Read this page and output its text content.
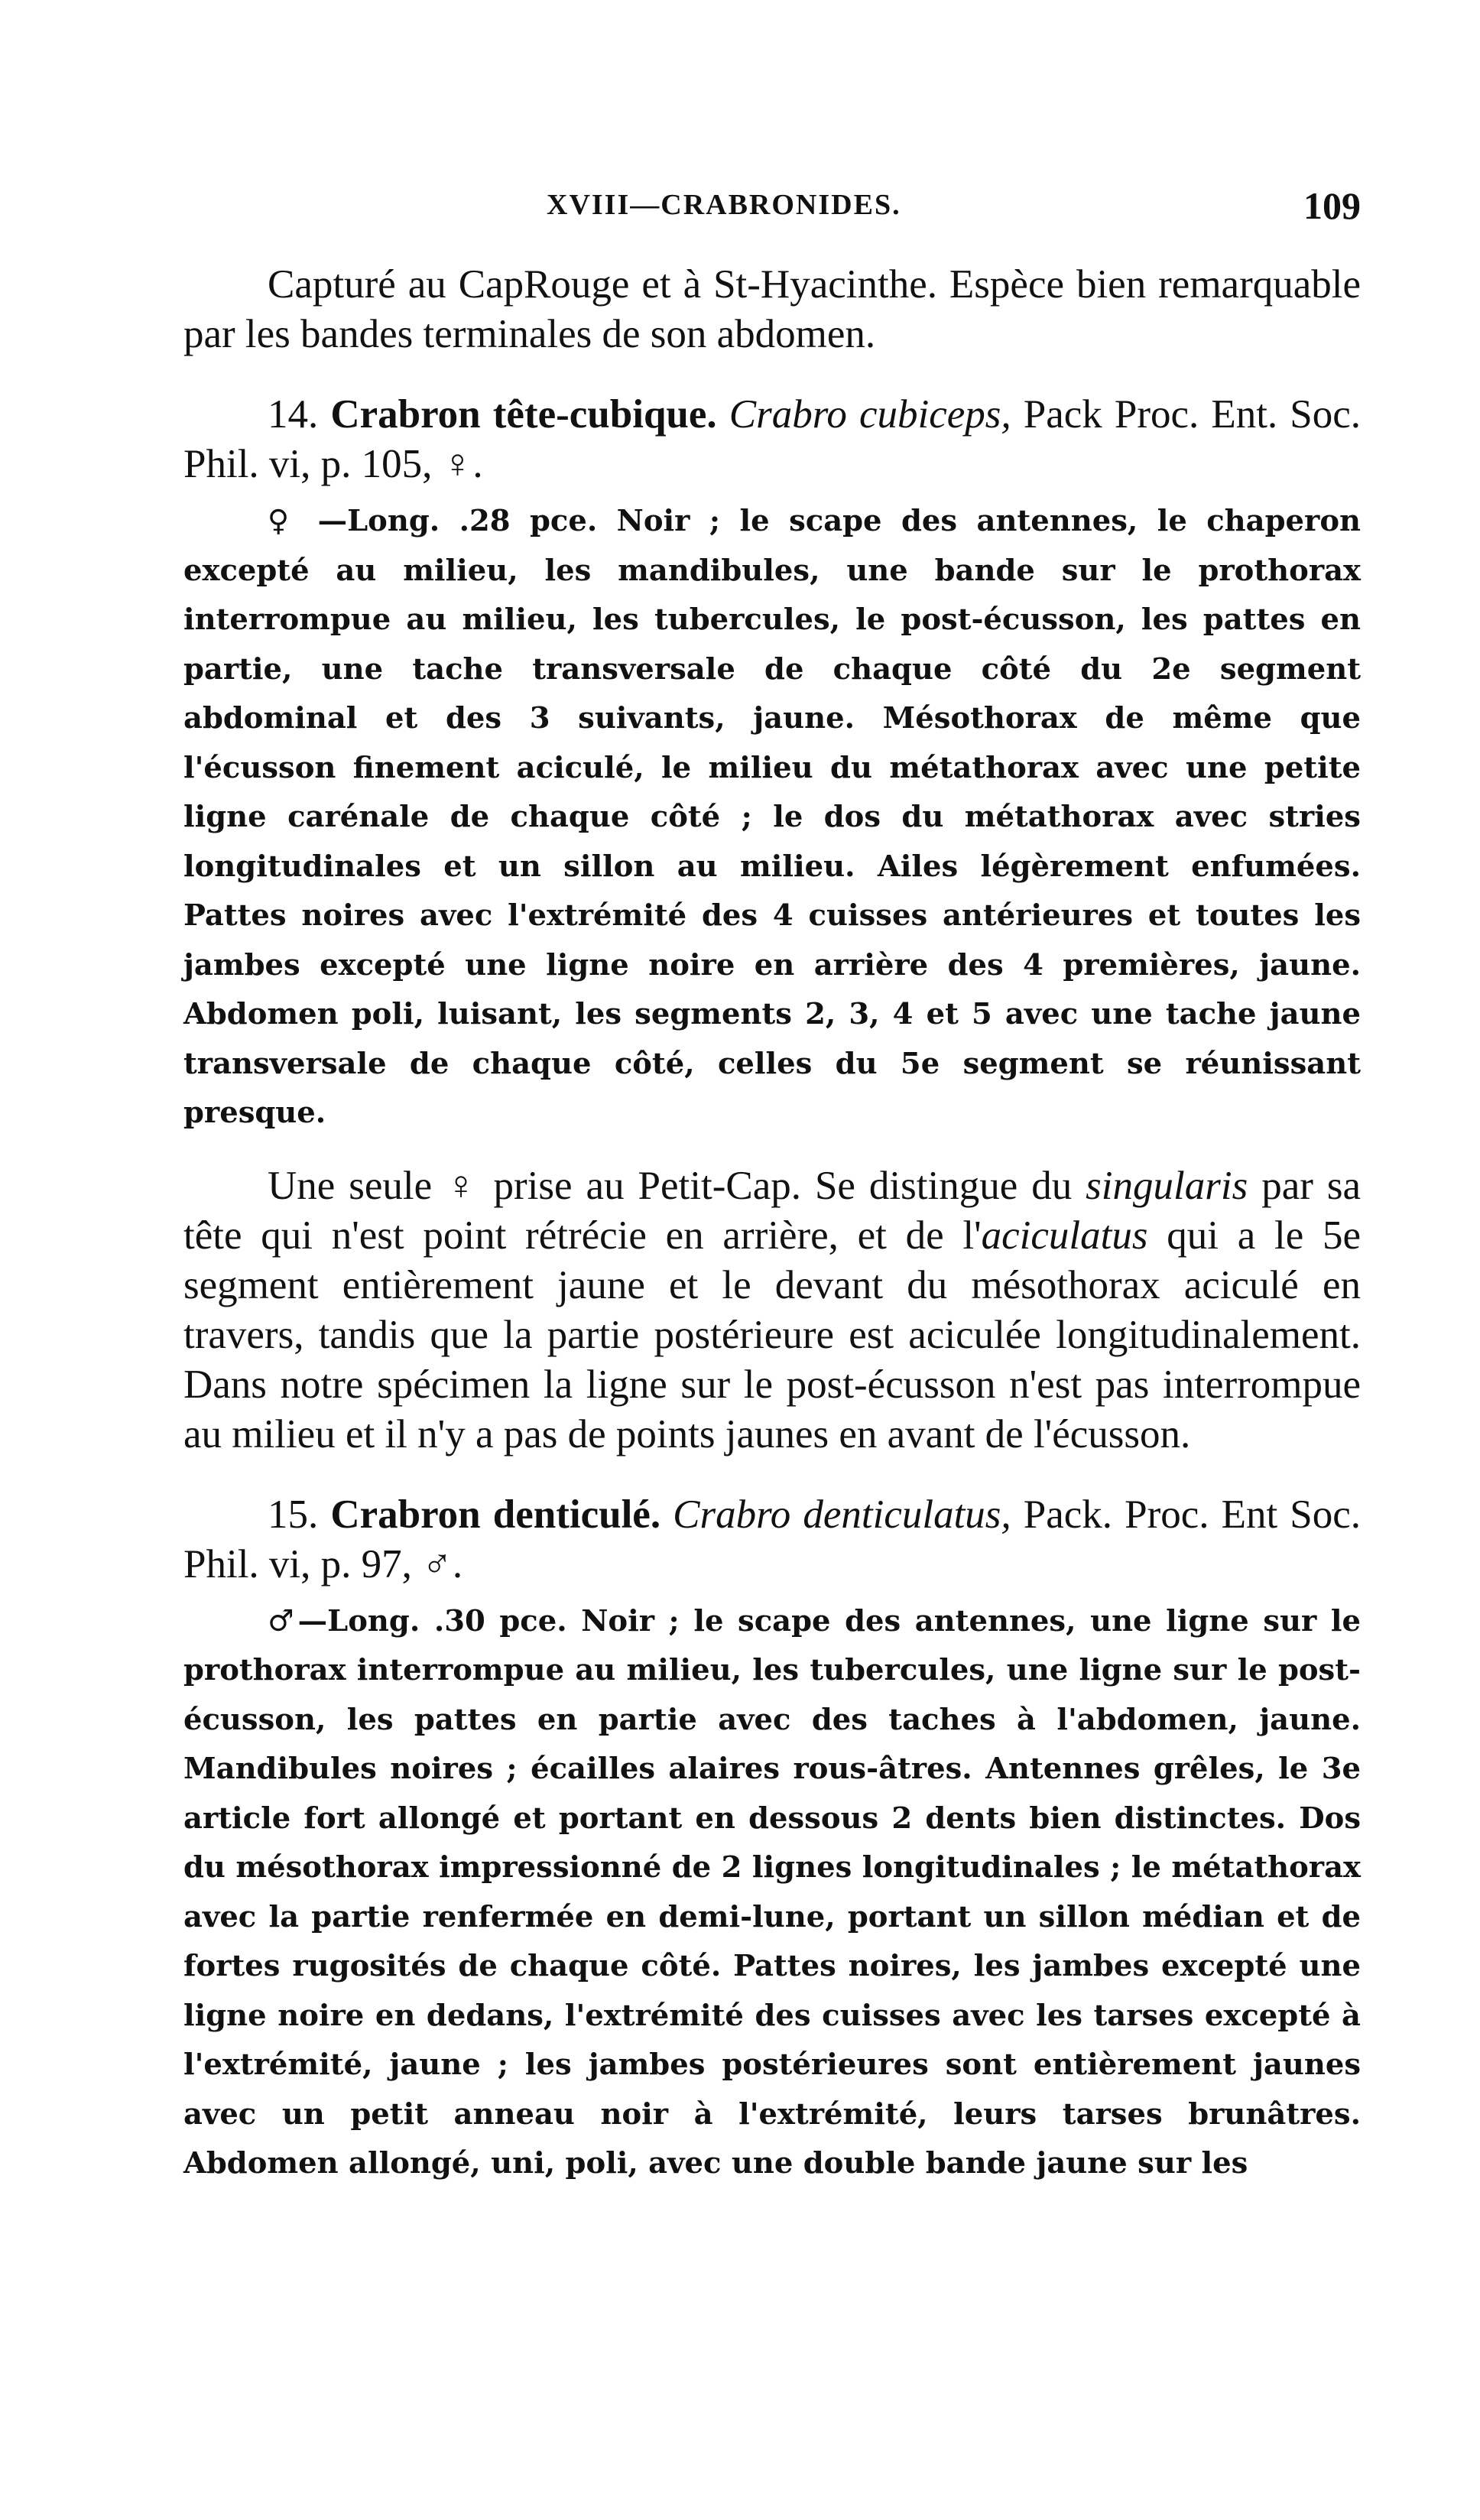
XVIII—CRABRONIDES.	109

Capturé au CapRouge et à St-Hyacinthe. Espèce bien remarquable par les bandes terminales de son abdomen.

14. Crabron tête-cubique. Crabro cubiceps, Pack Proc. Ent. Soc. Phil. vi, p. 105, ♀.

♀ —Long. .28 pce. Noir ; le scape des antennes, le chaperon excepté au milieu, les mandibules, une bande sur le prothorax interrompue au milieu, les tubercules, le post-écusson, les pattes en partie, une tache transversale de chaque côté du 2e segment abdominal et des 3 suivants, jaune. Mésothorax de même que l'écusson finement aciculé, le milieu du métathorax avec une petite ligne carénale de chaque côté ; le dos du métathorax avec stries longitudinales et un sillon au milieu. Ailes légèrement enfumées. Pattes noires avec l'extrémité des 4 cuisses antérieures et toutes les jambes excepté une ligne noire en arrière des 4 premières, jaune. Abdomen poli, luisant, les segments 2, 3, 4 et 5 avec une tache jaune transversale de chaque côté, celles du 5e segment se réunissant presque.

Une seule ♀ prise au Petit-Cap. Se distingue du singularis par sa tête qui n'est point rétrécie en arrière, et de l'aciculatus qui a le 5e segment entièrement jaune et le devant du mésothorax aciculé en travers, tandis que la partie postérieure est aciculée longitudinalement. Dans notre spécimen la ligne sur le post-écusson n'est pas interrompue au milieu et il n'y a pas de points jaunes en avant de l'écusson.

15. Crabron denticulé. Crabro denticulatus, Pack. Proc. Ent Soc. Phil. vi, p. 97, ♂.

♂—Long. .30 pce. Noir ; le scape des antennes, une ligne sur le prothorax interrompue au milieu, les tubercules, une ligne sur le post-écusson, les pattes en partie avec des taches à l'abdomen, jaune. Mandibules noires ; écailles alaires rous-âtres. Antennes grêles, le 3e article fort allongé et portant en dessous 2 dents bien distinctes. Dos du mésothorax impressionné de 2 lignes longitudinales ; le métathorax avec la partie renfermée en demi-lune, portant un sillon médian et de fortes rugosités de chaque côté. Pattes noires, les jambes excepté une ligne noire en dedans, l'extrémité des cuisses avec les tarses excepté à l'extrémité, jaune ; les jambes postérieures sont entièrement jaunes avec un petit anneau noir à l'extrémité, leurs tarses brunâtres. Abdomen allongé, uni, poli, avec une double bande jaune sur les
